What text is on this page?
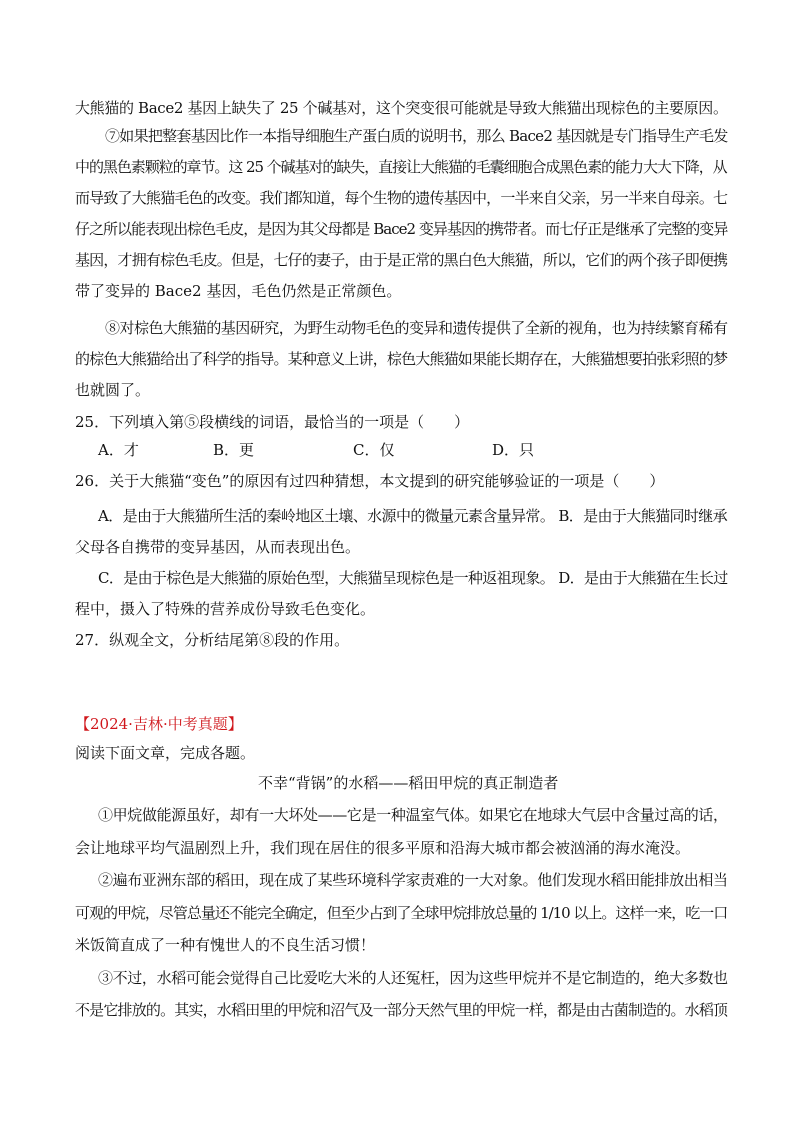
大熊猫的 Bace2 基因上缺失了 25 个碱基对，这个突变很可能就是导致大熊猫出现棕色的主要原因。
⑦如果把整套基因比作一本指导细胞生产蛋白质的说明书，那么 Bace2 基因就是专门指导生产毛发
中的黑色素颗粒的章节。这 25 个碱基对的缺失，直接让大熊猫的毛囊细胞合成黑色素的能力大大下降，从
而导致了大熊猫毛色的改变。我们都知道，每个生物的遗传基因中，一半来自父亲，另一半来自母亲。七
仔之所以能表现出棕色毛皮，是因为其父母都是 Bace2 变异基因的携带者。而七仔正是继承了完整的变异
基因，才拥有棕色毛皮。但是，七仔的妻子，由于是正常的黑白色大熊猫，所以，它们的两个孩子即便携
带了变异的 Bace2 基因，毛色仍然是正常颜色。
⑧对棕色大熊猫的基因研究，为野生动物毛色的变异和遗传提供了全新的视角，也为持续繁育稀有
的棕色大熊猫给出了科学的指导。某种意义上讲，棕色大熊猫如果能长期存在，大熊猫想要拍张彩照的梦
也就圆了。
25．下列填入第⑤段横线的词语，最恰当的一项是（　　）
A．才	B．更	C．仅	D．只
26．关于大熊猫“变色”的原因有过四种猜想，本文提到的研究能够验证的一项是（　　）
A．是由于大熊猫所生活的秦岭地区土壤、水源中的微量元素含量异常。 B．是由于大熊猫同时继承
父母各自携带的变异基因，从而表现出色。
C．是由于棕色是大熊猫的原始色型，大熊猫呈现棕色是一种返祖现象。 D．是由于大熊猫在生长过
程中，摄入了特殊的营养成份导致毛色变化。
27．纵观全文，分析结尾第⑧段的作用。
【2024·吉林·中考真题】
阅读下面文章，完成各题。
不幸“背锅”的水稻——稻田甲烷的真正制造者
①甲烷做能源虽好，却有一大坏处——它是一种温室气体。如果它在地球大气层中含量过高的话，
会让地球平均气温剧烈上升，我们现在居住的很多平原和沿海大城市都会被汹涌的海水淹没。
②遍布亚洲东部的稻田，现在成了某些环境科学家责难的一大对象。他们发现水稻田能排放出相当
可观的甲烷，尽管总量还不能完全确定，但至少占到了全球甲烷排放总量的 1/10 以上。这样一来，吃一口
米饭简直成了一种有愧世人的不良生活习惯！
③不过，水稻可能会觉得自己比爱吃大米的人还冤枉，因为这些甲烷并不是它制造的，绝大多数也
不是它排放的。其实，水稻田里的甲烷和沼气及一部分天然气里的甲烷一样，都是由古菌制造的。水稻顶
